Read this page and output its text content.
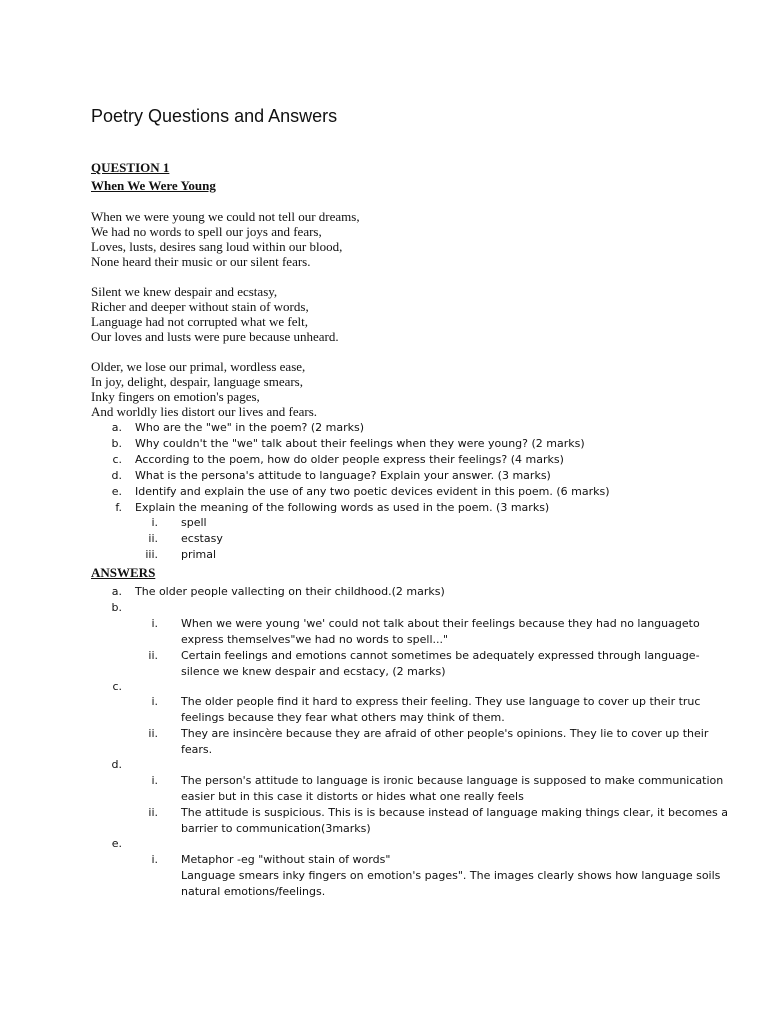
Poetry Questions and Answers
QUESTION 1
When We Were Young
When we were young we could not tell our dreams,
We had no words to spell our joys and fears,
Loves, lusts, desires sang loud within our blood,
None heard their music or our silent fears.
Silent we knew despair and ecstasy,
Richer and deeper without stain of words,
Language had not corrupted what we felt,
Our loves and lusts were pure because unheard.
Older, we lose our primal, wordless ease,
In joy, delight, despair, language smears,
Inky fingers on emotion's pages,
And worldly lies distort our lives and fears.
a. Who are the "we" in the poem? (2 marks)
b. Why couldn't the "we" talk about their feelings when they were young? (2 marks)
c. According to the poem, how do older people express their feelings? (4 marks)
d. What is the persona's attitude to language? Explain your answer. (3 marks)
e. Identify and explain the use of any two poetic devices evident in this poem. (6 marks)
f. Explain the meaning of the following words as used in the poem. (3 marks)
i. spell
ii. ecstasy
iii. primal
ANSWERS
a. The older people vallecting on their childhood.(2 marks)
b.
i. When we were young 'we' could not talk about their feelings because they had no languageto
express themselves"we had no words to spell..."
ii. Certain feelings and emotions cannot sometimes be adequately expressed through language-
silence we knew despair and ecstacy, (2 marks)
c.
i. The older people find it hard to express their feeling. They use language to cover up their truc
feelings because they fear what others may think of them.
ii. They are insincère because they are afraid of other people's opinions. They lie to cover up their
fears.
d.
i. The person's attitude to language is ironic because language is supposed to make communication
easier but in this case it distorts or hides what one really feels
ii. The attitude is suspicious. This is is because instead of language making things clear, it becomes a
barrier to communication(3marks)
e.
i. Metaphor -eg "without stain of words"
Language smears inky fingers on emotion's pages". The images clearly shows how language soils
natural emotions/feelings.
